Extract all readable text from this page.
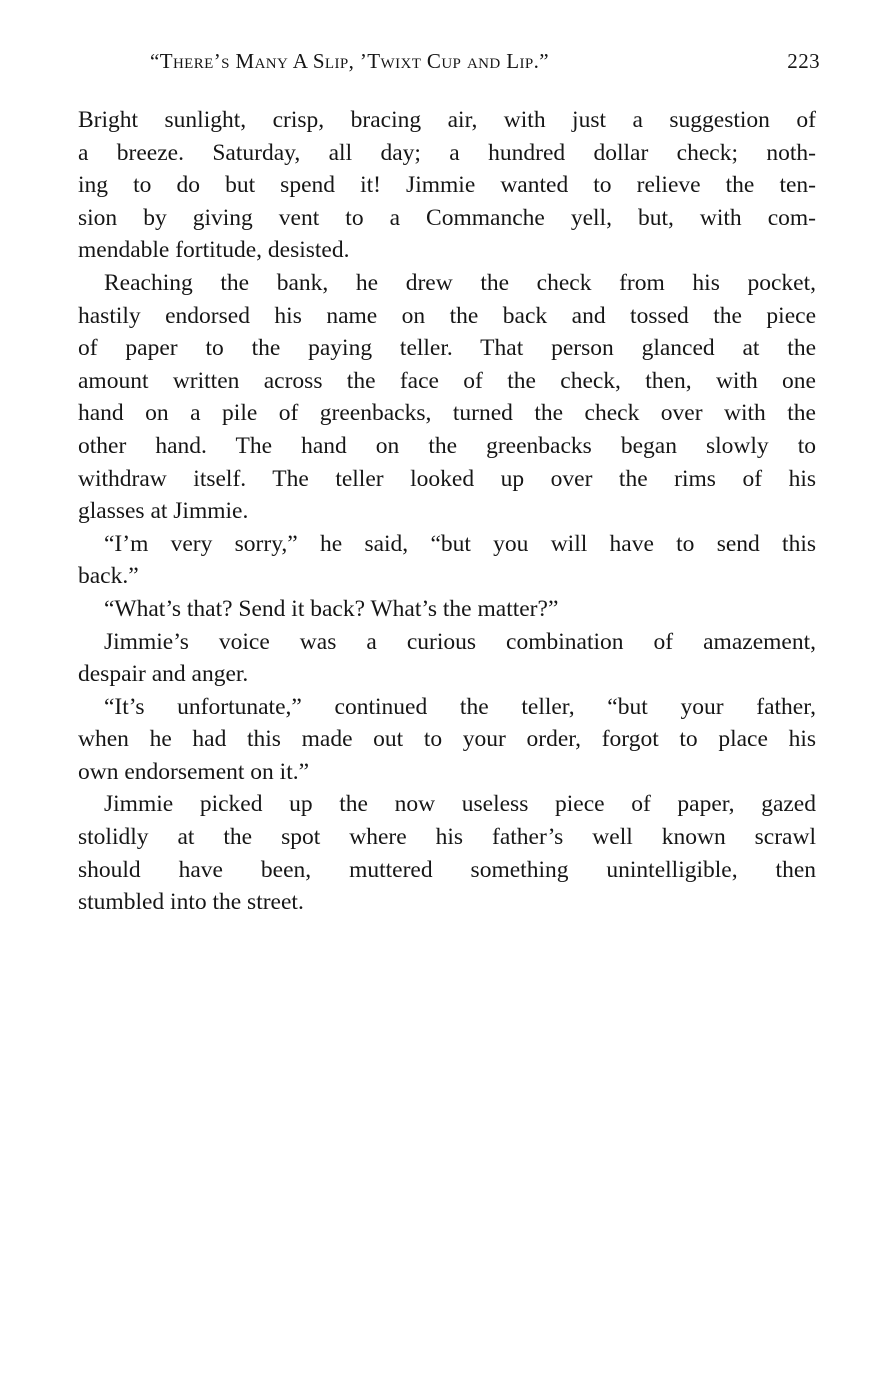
“There’s Many A Slip, ’Twixt Cup and Lip.”	223
Bright sunlight, crisp, bracing air, with just a suggestion of
a breeze. Saturday, all day; a hundred dollar check; noth-
ing to do but spend it! Jimmie wanted to relieve the ten-
sion by giving vent to a Commanche yell, but, with com-
mendable fortitude, desisted.
Reaching the bank, he drew the check from his pocket,
hastily endorsed his name on the back and tossed the piece
of paper to the paying teller. That person glanced at the
amount written across the face of the check, then, with one
hand on a pile of greenbacks, turned the check over with the
other hand. The hand on the greenbacks began slowly to
withdraw itself. The teller looked up over the rims of his
glasses at Jimmie.
“I’m very sorry,” he said, “but you will have to send this
back.”
“What’s that? Send it back? What’s the matter?”
Jimmie’s voice was a curious combination of amazement,
despair and anger.
“It’s unfortunate,” continued the teller, “but your father,
when he had this made out to your order, forgot to place his
own endorsement on it.”
Jimmie picked up the now useless piece of paper, gazed
stolidly at the spot where his father’s well known scrawl
should have been, muttered something unintelligible, then
stumbled into the street.
